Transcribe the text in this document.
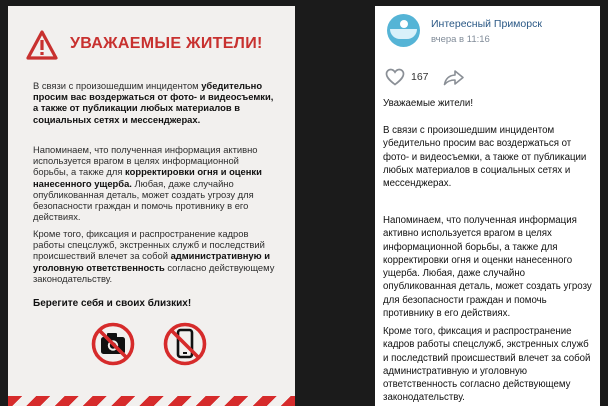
УВАЖАЕМЫЕ ЖИТЕЛИ!
В связи с произошедшим инцидентом убедительно просим вас воздержаться от фото- и видеосъемки, а также от публикации любых материалов в социальных сетях и мессенджерах.
Напоминаем, что полученная информация активно используется врагом в целях информационной борьбы, а также для корректировки огня и оценки нанесенного ущерба. Любая, даже случайно опубликованная деталь, может создать угрозу для безопасности граждан и помочь противнику в его действиях.
Кроме того, фиксация и распространение кадров работы спецслужб, экстренных служб и последствий происшествий влечет за собой административную и уголовную ответственность согласно действующему законодательству.
Берегите себя и своих близких!
Интересный Приморск
вчера в 11:16
167
Уважаемые жители!
В связи с произошедшим инцидентом убедительно просим вас воздержаться от фото- и видеосъемки, а также от публикации любых материалов в социальных сетях и мессенджерах.
Напоминаем, что полученная информация активно используется врагом в целях информационной борьбы, а также для корректировки огня и оценки нанесенного ущерба. Любая, даже случайно опубликованная деталь, может создать угрозу для безопасности граждан и помочь противнику в его действиях.
Кроме того, фиксация и распространение кадров работы спецслужб, экстренных служб и последствий происшествий влечет за собой административную и уголовную ответственность согласно действующему законодательству.
